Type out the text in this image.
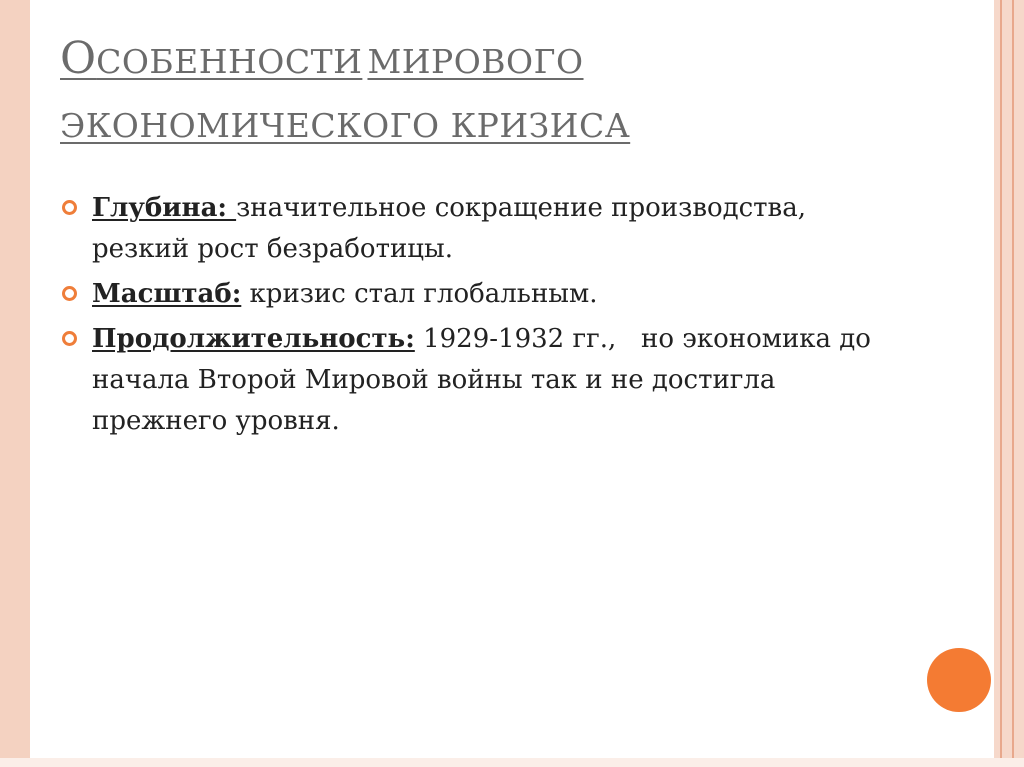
ОСОБЕННОСТИ МИРОВОГО
ЭКОНОМИЧЕСКОГО КРИЗИСА
Глубина: значительное сокращение производства, резкий рост безработицы.
Масштаб: кризис стал глобальным.
Продолжительность: 1929-1932 гг.,   но экономика до начала Второй Мировой войны так и не достигла прежнего уровня.
